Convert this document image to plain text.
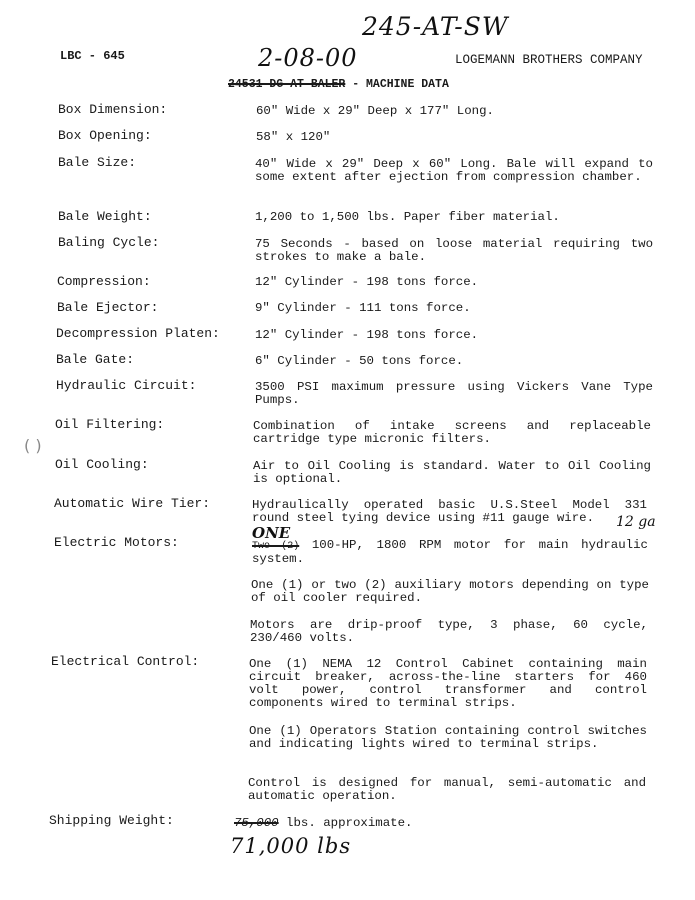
245-AT-SW
2-08-00
ONE
12 ga
71,000 lbs
LBC - 645	LOGEMANN BROTHERS COMPANY
24531-DG-AT BALER - MACHINE DATA
Box Dimension:	60" Wide x 29" Deep x 177" Long.
Box Opening:	58" x 120"
Bale Size:	40" Wide x 29" Deep x 60" Long. Bale will expand to some extent after ejection from compression chamber.
Bale Weight:	1,200 to 1,500 lbs. Paper fiber material.
Baling Cycle:	75 Seconds - based on loose material requiring two strokes to make a bale.
Compression:	12" Cylinder - 198 tons force.
Bale Ejector:	9" Cylinder - 111 tons force.
Decompression Platen:	12" Cylinder - 198 tons force.
Bale Gate:	6" Cylinder - 50 tons force.
Hydraulic Circuit:	3500 PSI maximum pressure using Vickers Vane Type Pumps.
Oil Filtering:	Combination of intake screens and replaceable cartridge type micronic filters.
( )
Oil Cooling:	Air to Oil Cooling is standard. Water to Oil Cooling is optional.
Automatic Wire Tier:	Hydraulically operated basic U.S.Steel Model 331 round steel tying device using #11 gauge wire.
Electric Motors:	Two (2) 100-HP, 1800 RPM motor for main hydraulic system.
One (1) or two (2) auxiliary motors depending on type of oil cooler required.
Motors are drip-proof type, 3 phase, 60 cycle, 230/460 volts.
Electrical Control:	One (1) NEMA 12 Control Cabinet containing main circuit breaker, across-the-line starters for 460 volt power, control transformer and control components wired to terminal strips.
One (1) Operators Station containing control switches and indicating lights wired to terminal strips.
Control is designed for manual, semi-automatic and automatic operation.
Shipping Weight:	75,000 lbs. approximate.
